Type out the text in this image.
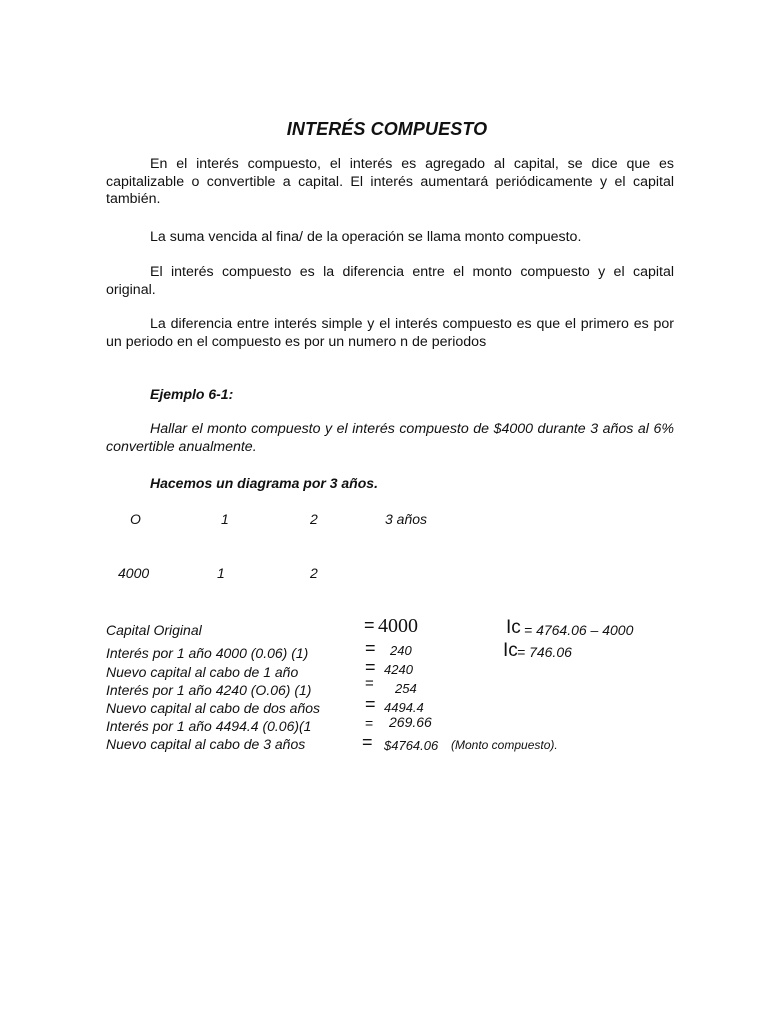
INTERÉS COMPUESTO
En el interés compuesto, el interés es agregado al capital, se dice que es capitalizable o convertible a capital. El interés aumentará periódicamente y el capital también.
La suma vencida al fina/ de la operación se llama monto compuesto.
El interés compuesto es la diferencia entre el monto compuesto y el capital original.
La diferencia entre interés simple y el interés compuesto es que el primero es por un periodo en el compuesto es por un numero n de periodos
Ejemplo 6-1:
Hallar el monto compuesto y el interés compuesto de $4000 durante 3 años al 6% convertible anualmente.
Hacemos un diagrama por 3 años.
O	1	2	3 años
4000	1	2
Capital Original	= 4000
Interés por 1 año 4000 (0.06) (1)	= 240
Nuevo capital al cabo de 1 año	= 4240
Interés por 1 año 4240 (O.06) (1)	= 254
Nuevo capital al cabo de dos años = 4494.4
Interés por 1 año 4494.4 (0.06)(1	= 269.66
Nuevo capital al cabo de 3 años	= $4764.06 (Monto compuesto).
Ic = 4764.06 – 4000
Ic = 746.06
